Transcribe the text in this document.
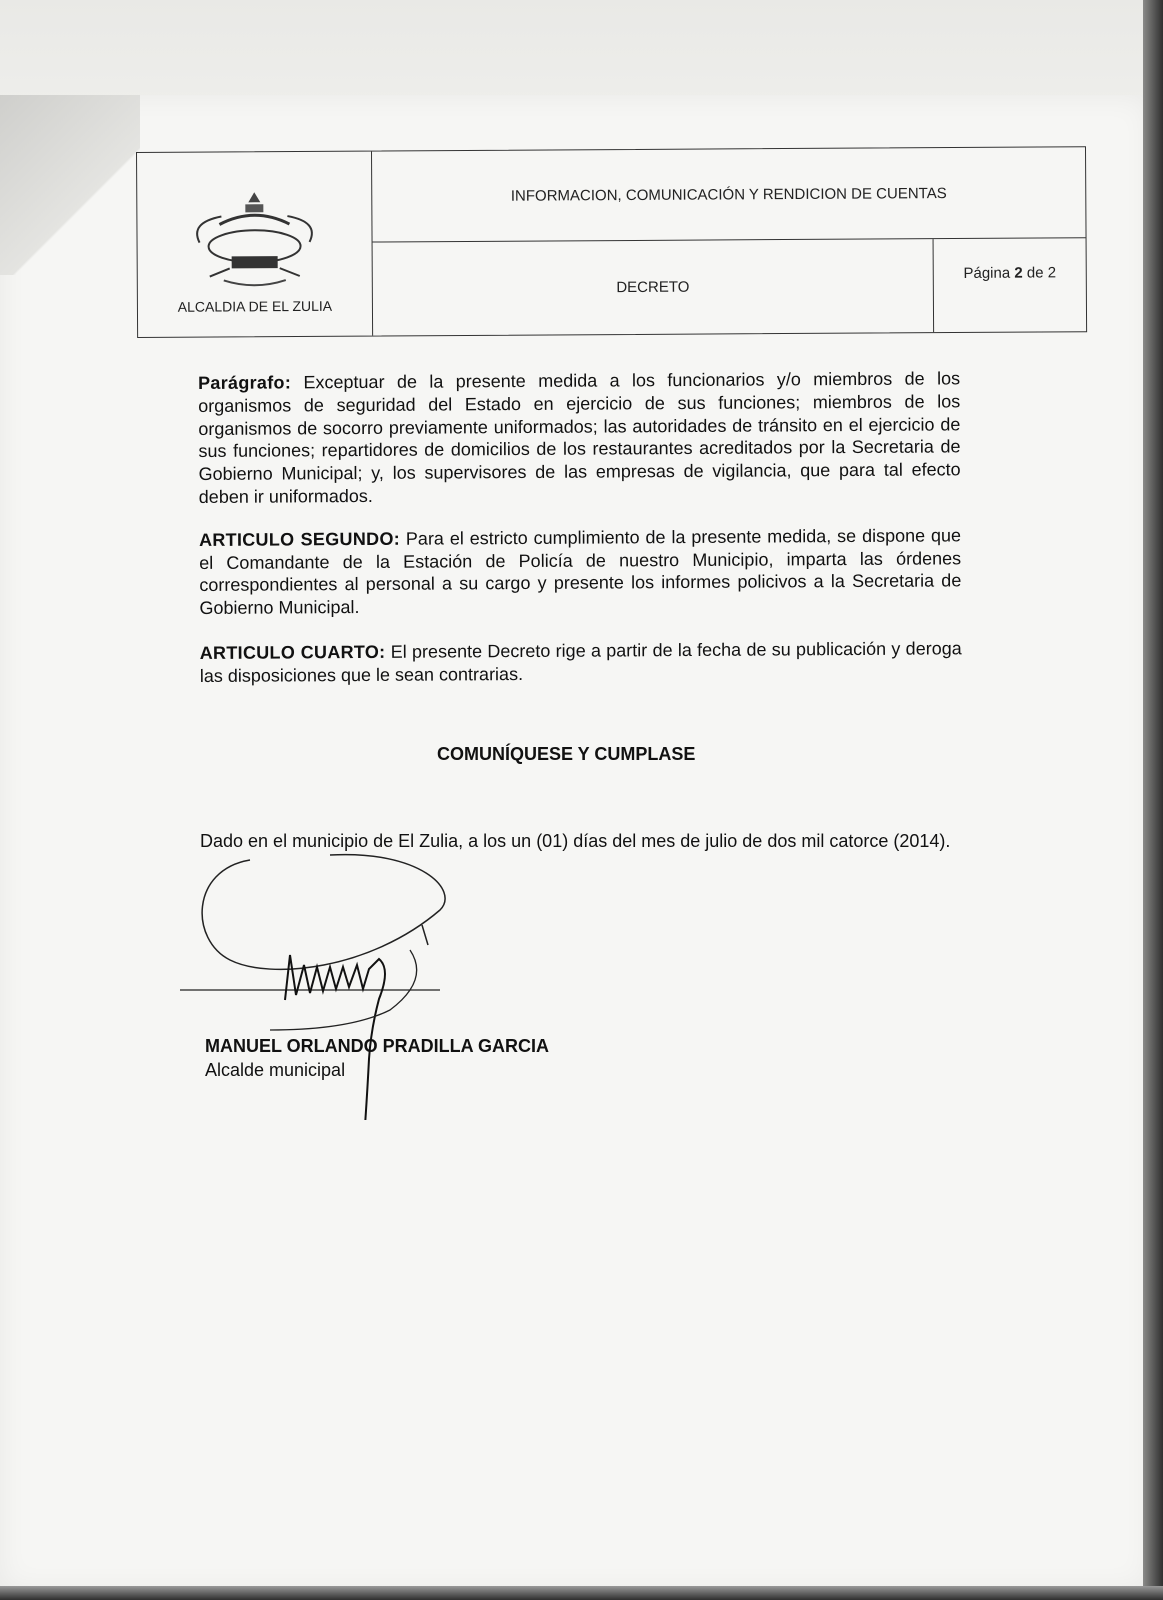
ALCALDIA DE EL ZULIA
INFORMACION, COMUNICACIÓN Y RENDICION DE CUENTAS
DECRETO
Página 2 de 2

Parágrafo: Exceptuar de la presente medida a los funcionarios y/o miembros de los organismos de seguridad del Estado en ejercicio de sus funciones; miembros de los organismos de socorro previamente uniformados; las autoridades de tránsito en el ejercicio de sus funciones; repartidores de domicilios de los restaurantes acreditados por la Secretaria de Gobierno Municipal; y, los supervisores de las empresas de vigilancia, que para tal efecto deben ir uniformados.

ARTICULO SEGUNDO: Para el estricto cumplimiento de la presente medida, se dispone que el Comandante de la Estación de Policía de nuestro Municipio, imparta las órdenes correspondientes al personal a su cargo y presente los informes policivos a la Secretaria de Gobierno Municipal.

ARTICULO CUARTO: El presente Decreto rige a partir de la fecha de su publicación y deroga las disposiciones que le sean contrarias.

COMUNÍQUESE Y CUMPLASE
Dado en el municipio de El Zulia, a los un (01) días del mes de julio de dos mil catorce (2014).
MANUEL ORLANDO PRADILLA GARCIA
Alcalde municipal
